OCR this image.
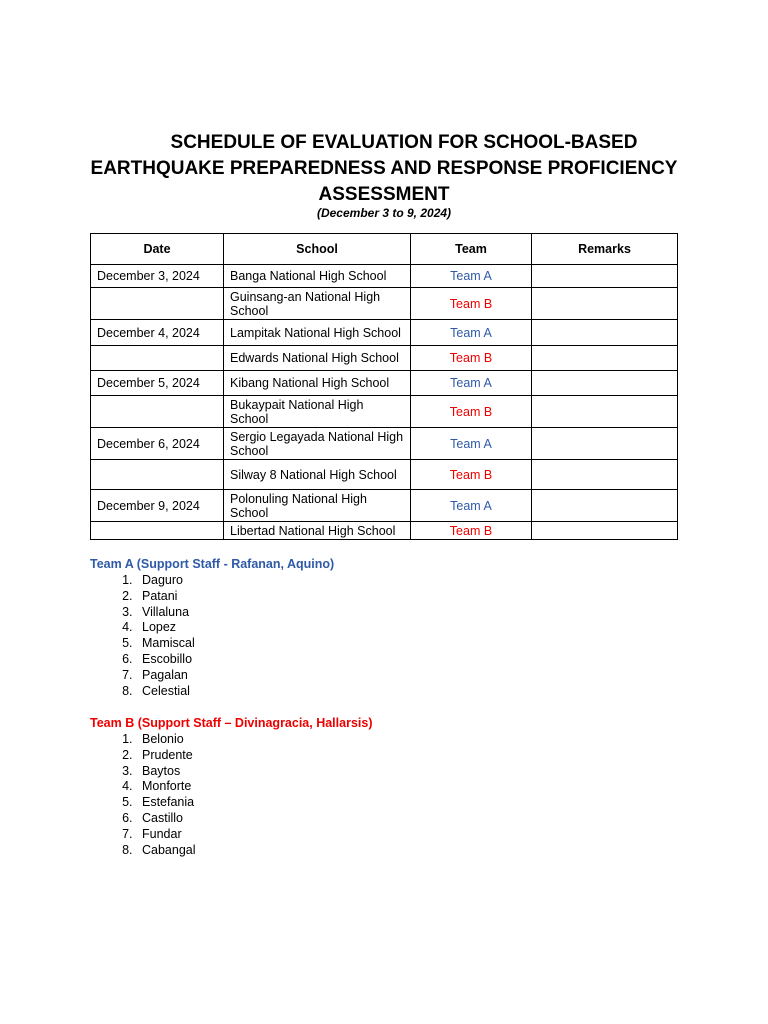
SCHEDULE OF EVALUATION FOR SCHOOL-BASED
EARTHQUAKE PREPAREDNESS AND RESPONSE PROFICIENCY
ASSESSMENT
(December 3 to 9, 2024)
Date	School	Team	Remarks
December 3, 2024	Banga National High School	Team A	
	Guinsang-an National High School	Team B	
December 4, 2024	Lampitak National High School	Team A	
	Edwards National High School	Team B	
December 5, 2024	Kibang National High School	Team A	
	Bukaypait National High School	Team B	
December 6, 2024	Sergio Legayada National High School	Team A	
	Silway 8 National High School	Team B	
December 9, 2024	Polonuling National High School	Team A	
	Libertad National High School	Team B	
Team A (Support Staff - Rafanan, Aquino)
1. Daguro
2. Patani
3. Villaluna
4. Lopez
5. Mamiscal
6. Escobillo
7. Pagalan
8. Celestial
Team B (Support Staff – Divinagracia, Hallarsis)
1. Belonio
2. Prudente
3. Baytos
4. Monforte
5. Estefania
6. Castillo
7. Fundar
8. Cabangal
